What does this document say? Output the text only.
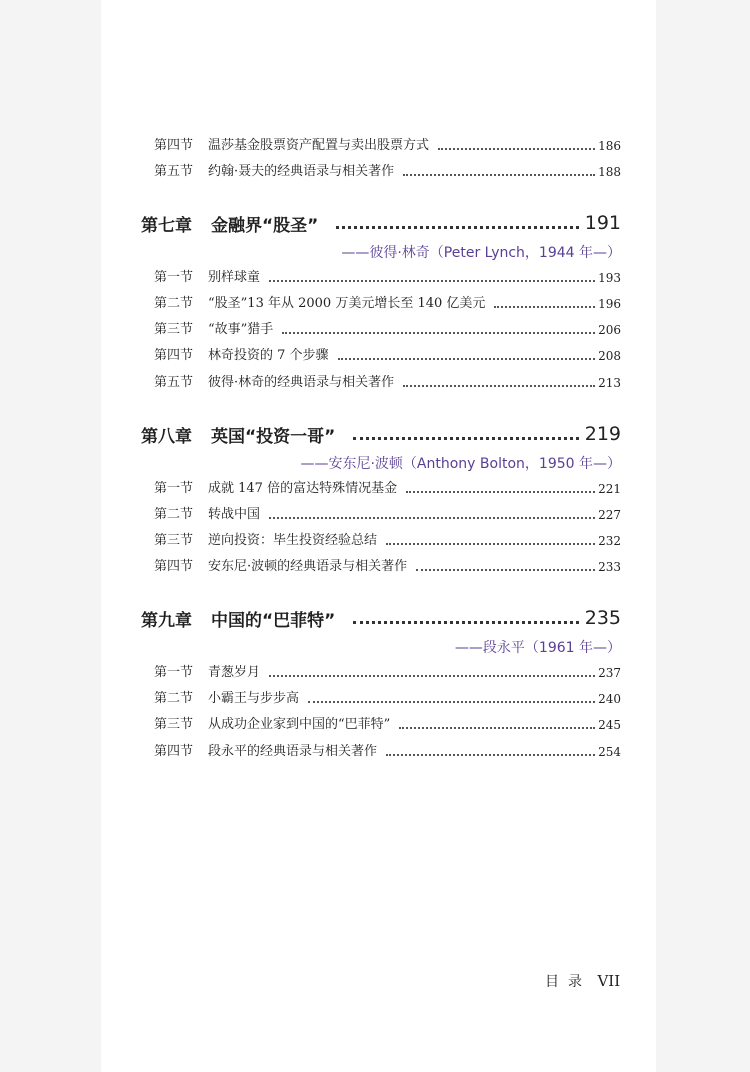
第四节	温莎基金股票资产配置与卖出股票方式	186
第五节	约翰·聂夫的经典语录与相关著作	188
第七章	金融界“股圣”	191
——彼得·林奇（Peter Lynch，1944 年—）
第一节	别样球童	193
第二节	“股圣”13 年从 2000 万美元增长至 140 亿美元	196
第三节	“故事”猎手	206
第四节	林奇投资的 7 个步骤	208
第五节	彼得·林奇的经典语录与相关著作	213
第八章	英国“投资一哥”	219
——安东尼·波顿（Anthony Bolton，1950 年—）
第一节	成就 147 倍的富达特殊情况基金	221
第二节	转战中国	227
第三节	逆向投资：毕生投资经验总结	232
第四节	安东尼·波顿的经典语录与相关著作	233
第九章	中国的“巴菲特”	235
——段永平（1961 年—）
第一节	青葱岁月	237
第二节	小霸王与步步高	240
第三节	从成功企业家到中国的“巴菲特”	245
第四节	段永平的经典语录与相关著作	254
目录 VII
